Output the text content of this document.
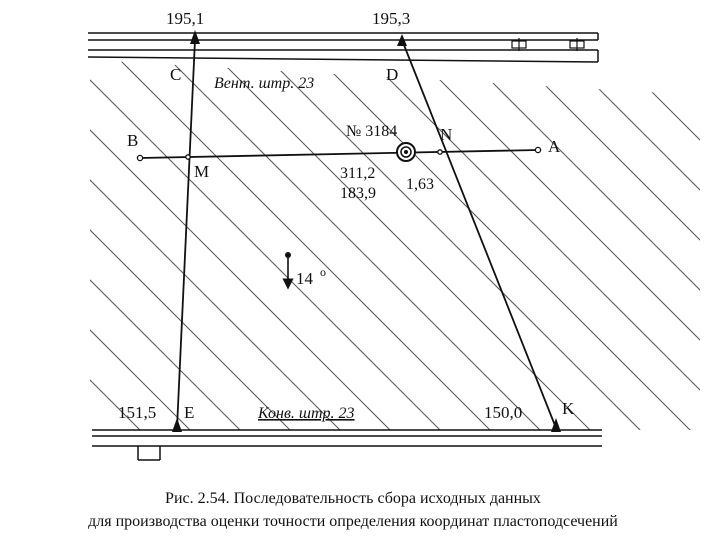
195,1	195,3
C	D
Вент. штр. 23
B	A
M
N
№ 3184
311,2
183,9
1,63
14 о
151,5 E	Конв. штр. 23	150,0 K
Рис. 2.54. Последовательность сбора исходных данных
для производства оценки точности определения координат пластоподсечений
